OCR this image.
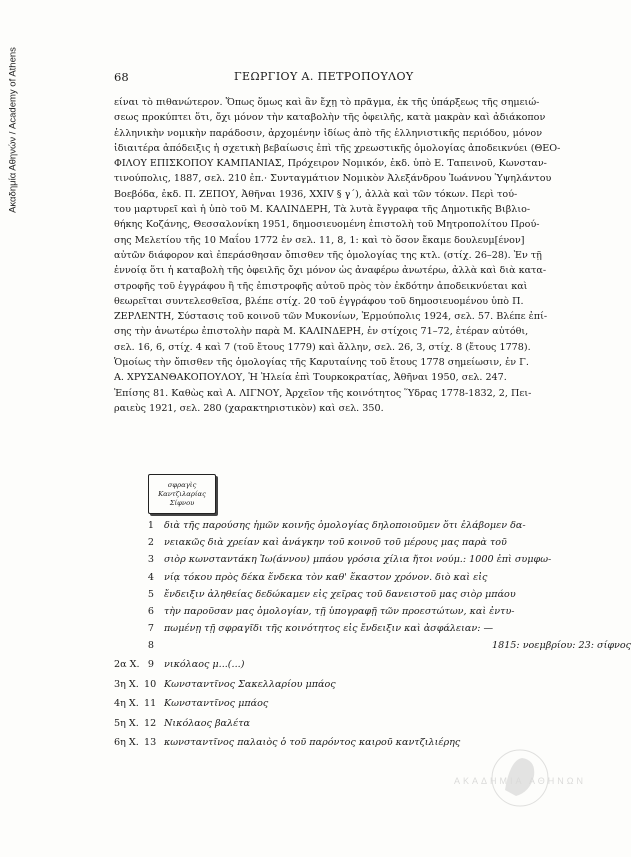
Ακαδημία Αθηνών / Academy of Athens	68	ΓΕΩΡΓΙΟΥ Α. ΠΕΤΡΟΠΟΥΛΟΥ
είναι τὸ πιθανώτερον. Ὅπως ὅμως καὶ ἂν ἔχῃ τὸ πρᾶγμα, ἐκ τῆς ὑπάρξεως τῆς σημειώ-
σεως προκύπτει ὅτι, ὄχι μόνον τὴν καταβολὴν τῆς ὀφειλῆς, κατὰ μακρὰν καὶ ἀδιάκοπον
ἑλληνικὴν νομικὴν παράδοσιν, ἀρχομένην ἰδίως ἀπὸ τῆς ἑλληνιστικῆς περιόδου, μόνον
ἰδιαιτέρα ἀπόδειξις ἡ σχετικὴ βεβαίωσις ἐπὶ τῆς χρεωστικῆς ὁμολογίας ἀποδεικνύει (ΘΕΟ-
ΦΙΛΟΥ ΕΠΙΣΚΟΠΟΥ ΚΑΜΠΑΝΙΑΣ, Πρόχειρον Νομικόν, ἐκδ. ὑπὸ Ε. Ταπεινοῦ, Κωνσταν-
τινούπολις, 1887, σελ. 210 ἐπ.· Συνταγμάτιον Νομικὸν Ἀλεξάνδρου Ἰωάννου Ὑψηλάντου
Βοεβόδα, ἐκδ. Π. ΖΕΠΟΥ, Ἀθῆναι 1936, XXIV § γ΄), ἀλλὰ καὶ τῶν τόκων. Περὶ τού-
του μαρτυρεῖ καὶ ἡ ὑπὸ τοῦ Μ. ΚΑΛΙΝΔΕΡΗ, Τὰ λυτὰ ἔγγραφα τῆς Δημοτικῆς Βιβλιο-
θήκης Κοζάνης, Θεσσαλονίκη 1951, δημοσιευομένη ἐπιστολὴ τοῦ Μητροπολίτου Πρού-
σης Μελετίου τῆς 10 Μαΐου 1772 ἐν σελ. 11, 8, 1: καὶ τὸ ὅσον ἔκαμε δουλευμ[ένον]
αὐτῶν διάφορον καὶ ἐπεράσθησαν ὄπισθεν τῆς ὁμολογίας της κτλ. (στίχ. 26–28). Ἐν τῇ
ἐννοίᾳ ὅτι ἡ καταβολὴ τῆς ὀφειλῆς ὄχι μόνον ὡς ἀναφέρω ἀνωτέρω, ἀλλὰ καὶ διὰ κατα-
στροφῆς τοῦ ἐγγράφου ἢ τῆς ἐπιστροφῆς αὐτοῦ πρὸς τὸν ἐκδότην ἀποδεικνύεται καὶ
θεωρεῖται συντελεσθεῖσα, βλέπε στίχ. 20 τοῦ ἐγγράφου τοῦ δημοσιευομένου ὑπὸ Π.
ΖΕΡΛΕΝΤΗ, Σύστασις τοῦ κοινοῦ τῶν Μυκονίων, Ἑρμούπολις 1924, σελ. 57. Βλέπε ἐπί-
σης τὴν ἀνωτέρω ἐπιστολὴν παρὰ Μ. ΚΑΛΙΝΔΕΡΗ, ἐν στίχοις 71–72, ἑτέραν αὐτόθι,
σελ. 16, 6, στίχ. 4 καὶ 7 (τοῦ ἔτους 1779) καὶ ἄλλην, σελ. 26, 3, στίχ. 8 (ἔτους 1778).
Ὁμοίως τὴν ὄπισθεν τῆς ὁμολογίας τῆς Καρυταίνης τοῦ ἔτους 1778 σημείωσιν, ἐν Γ.
Α. ΧΡΥΣΑΝΘΑΚΟΠΟΥΛΟΥ, Ἡ Ἠλεία ἐπὶ Τουρκοκρατίας, Ἀθῆναι 1950, σελ. 247.
Ἐπίσης 81. Καθὼς καὶ Α. ΛΙΓΝΟΥ, Ἀρχεῖον τῆς κοινότητος Ὕδρας 1778-1832, 2, Πει-
ραιεὺς 1921, σελ. 280 (χαρακτηριστικὸν) καὶ σελ. 350.
σφραγὶς
Καντζιλαρίας
Σίφνου
1 διὰ τῆς παρούσης ἡμῶν κοινῆς ὁμολογίας δηλοποιοῦμεν ὅτι ἐλάβομεν δα-
2 νειακῶς διὰ χρείαν καὶ ἀνάγκην τοῦ κοινοῦ τοῦ μέρους μας παρὰ τοῦ
3 σιὸρ κωνσταντάκη Ἰω(άννου) μπάου γρόσια χίλια ἤτοι νούμ.: 1000 ἐπὶ συμφω-
4 νίᾳ τόκου πρὸς δέκα ἕνδεκα τὸν καθ' ἕκαστον χρόνον. διὸ καὶ εἰς
5 ἔνδειξιν ἀληθείας δεδώκαμεν εἰς χεῖρας τοῦ δανειστοῦ μας σιὸρ μπάου
6 τὴν παροῦσαν μας ὁμολογίαν, τῇ ὑπογραφῇ τῶν προεστώτων, καὶ ἐντυ-
7 πωμένῃ τῇ σφραγῖδι τῆς κοινότητος εἰς ἔνδειξιν καὶ ἀσφάλειαν: —
8	1815: νοεμβρίου: 23: σίφνος
2α Χ. 9 νικόλαος μ...(...)
3η Χ. 10 Κωνσταντῖνος Σακελλαρίου μπάος
4η Χ. 11 Κωνσταντῖνος μπάος
5η Χ. 12 Νικόλαος βαλέτα
6η Χ. 13 κωνσταντῖνος παλαιὸς ὁ τοῦ παρόντος καιροῦ καντζιλιέρης
ΑΚΑΔΗΜΙΑ ΑΘΗΝΩΝ
